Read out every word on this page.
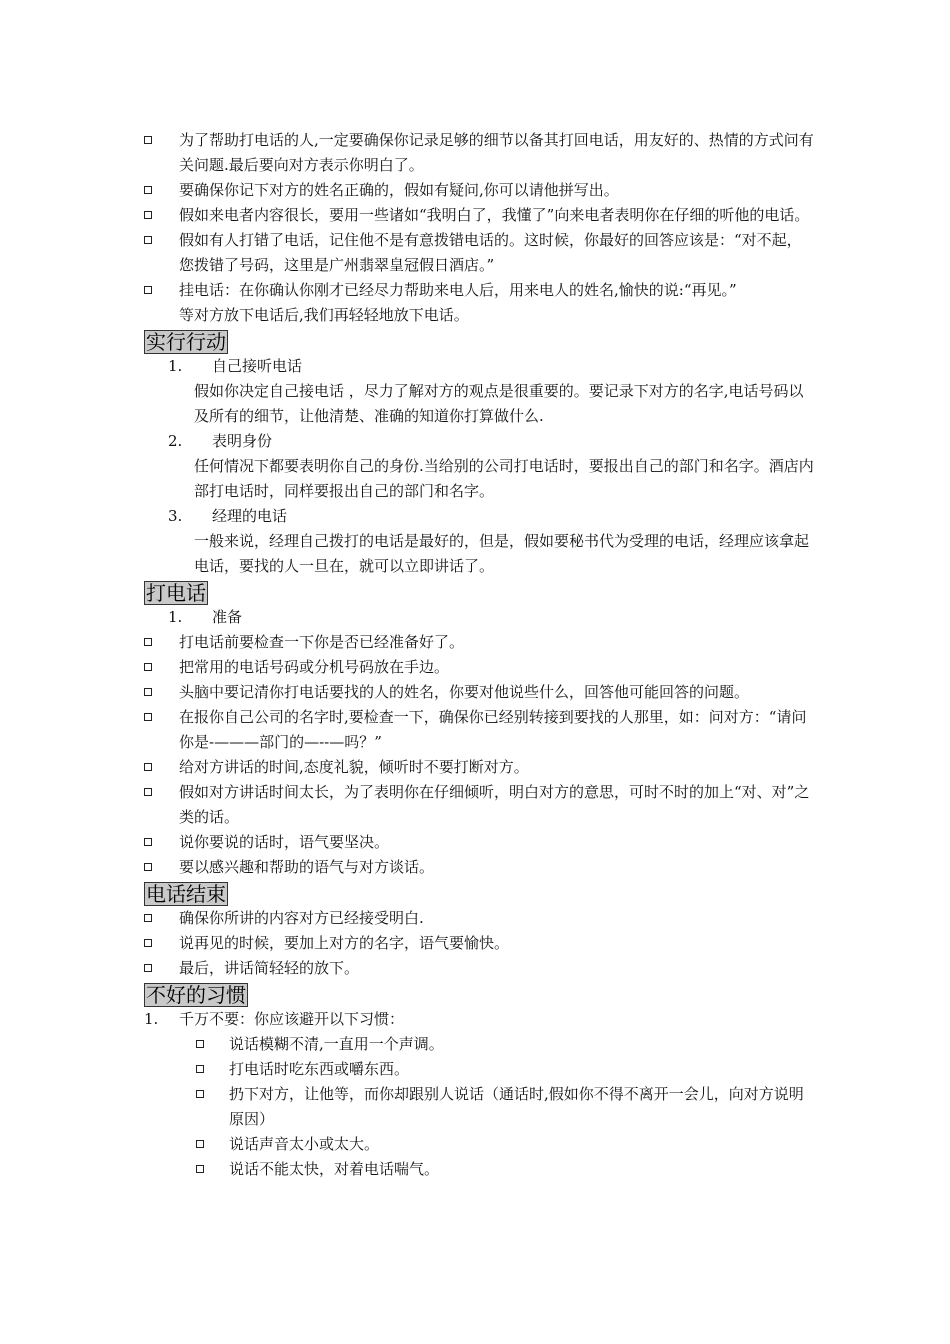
为了帮助打电话的人,一定要确保你记录足够的细节以备其打回电话，用友好的、热情的方式问有关问题.最后要向对方表示你明白了。
要确保你记下对方的姓名正确的，假如有疑问,你可以请他拼写出。
假如来电者内容很长，要用一些诸如“我明白了，我懂了”向来电者表明你在仔细的听他的电话。
假如有人打错了电话，记住他不是有意拨错电话的。这时候，你最好的回答应该是：“对不起，您拨错了号码，这里是广州翡翠皇冠假日酒店。”
挂电话：在你确认你刚才已经尽力帮助来电人后，用来电人的姓名,愉快的说:“再见。”
等对方放下电话后,我们再轻轻地放下电话。
实行行动
1. 自己接听电话
假如你决定自己接电话 ，尽力了解对方的观点是很重要的。要记录下对方的名字,电话号码以及所有的细节，让他清楚、准确的知道你打算做什么.
2. 表明身份
任何情况下都要表明你自己的身份.当给别的公司打电话时，要报出自己的部门和名字。酒店内部打电话时，同样要报出自己的部门和名字。
3. 经理的电话
一般来说，经理自己拨打的电话是最好的，但是，假如要秘书代为受理的电话，经理应该拿起电话，要找的人一旦在，就可以立即讲话了。
打电话
1. 准备
打电话前要检查一下你是否已经准备好了。
把常用的电话号码或分机号码放在手边。
头脑中要记清你打电话要找的人的姓名，你要对他说些什么，回答他可能回答的问题。
在报你自己公司的名字时,要检查一下，确保你已经别转接到要找的人那里，如：问对方：“请问你是-———部门的—--—吗？”
给对方讲话的时间,态度礼貌，倾听时不要打断对方。
假如对方讲话时间太长，为了表明你在仔细倾听，明白对方的意思，可时不时的加上“对、对”之类的话。
说你要说的话时，语气要坚决。
要以感兴趣和帮助的语气与对方谈话。
电话结束
确保你所讲的内容对方已经接受明白.
说再见的时候，要加上对方的名字，语气要愉快。
最后，讲话简轻轻的放下。
不好的习惯
1. 千万不要：你应该避开以下习惯：
说话模糊不清,一直用一个声调。
打电话时吃东西或嚼东西。
扔下对方，让他等，而你却跟别人说话（通话时,假如你不得不离开一会儿，向对方说明原因）
说话声音太小或太大。
说话不能太快，对着电话喘气。
